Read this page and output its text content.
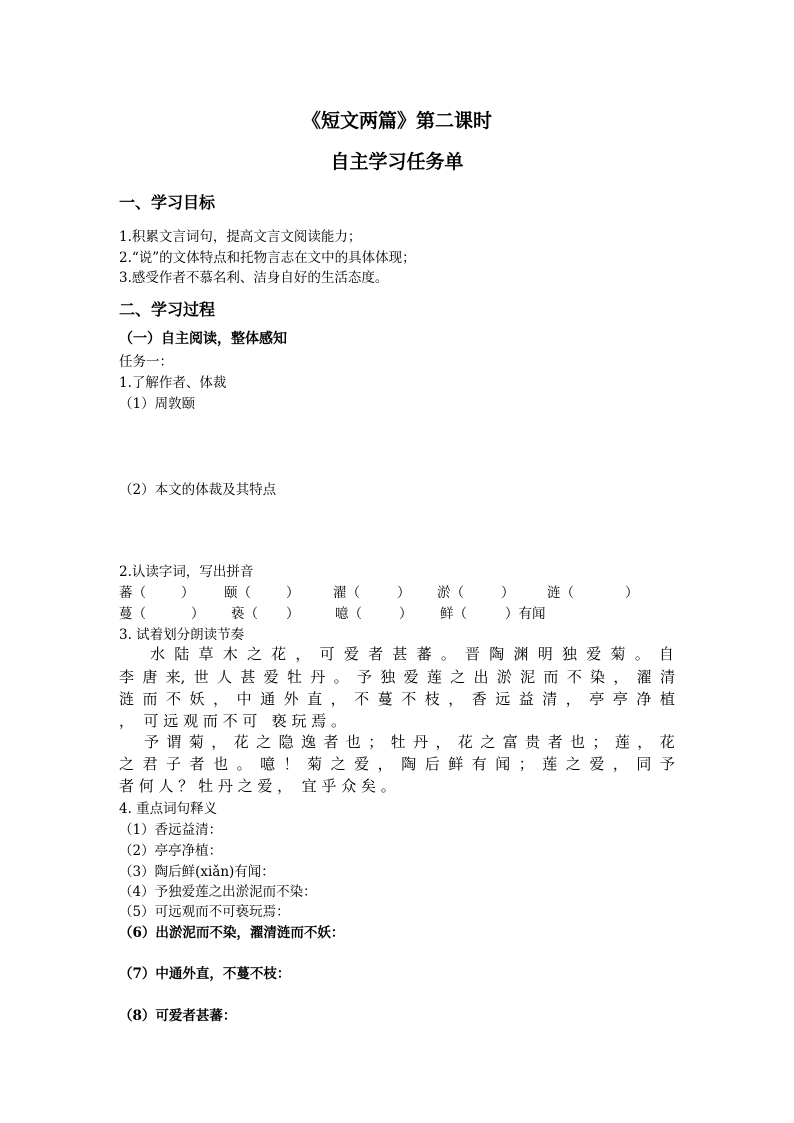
《短文两篇》第二课时
自主学习任务单
一、学习目标
1.积累文言词句，提高文言文阅读能力；
2.“说”的文体特点和托物言志在文中的具体体现；
3.感受作者不慕名利、洁身自好的生活态度。
二、学习过程
（一）自主阅读，整体感知
任务一：
1.了解作者、体裁
（1）周敦颐
（2）本文的体裁及其特点
2.认读字词，写出拼音
蕃（	） 颐（	） 濯（	） 淤（	） 涟（	）
蔓（	） 亵（ ）	噫（	） 鲜（	）有闻
3. 试着划分朗读节奏
水 陆 草 木 之 花 ， 可 爱 者 甚 蕃 。 晋 陶 渊 明 独 爱 菊 。 自
李 唐 来, 世 人 甚 爱 牡 丹 。 予 独 爱 莲 之 出 淤 泥 而 不 染 ， 濯 清
涟 而 不 妖 ， 中 通 外 直 ， 不 蔓 不 枝 ， 香 远 益 清 ， 亭 亭 净 植
，  可 远 观 而 不 可   亵 玩 焉 。
予 谓 菊 ， 花 之 隐 逸 者 也 ； 牡 丹 ， 花 之 富 贵 者 也 ； 莲 ， 花
之 君 子 者 也 。 噫 ！ 菊 之 爱 ， 陶 后 鲜 有 闻 ； 莲 之 爱 ， 同 予
者 何 人 ？ 牡 丹 之 爱 ，  宜 乎 众 矣 。
4. 重点词句释义
（1）香远益清：
（2）亭亭净植：
（3）陶后鲜(xiǎn)有闻：
（4）予独爱莲之出淤泥而不染：
（5）可远观而不可亵玩焉：
（6）出淤泥而不染，濯清涟而不妖：
（7）中通外直，不蔓不枝：
（8）可爱者甚蕃：
